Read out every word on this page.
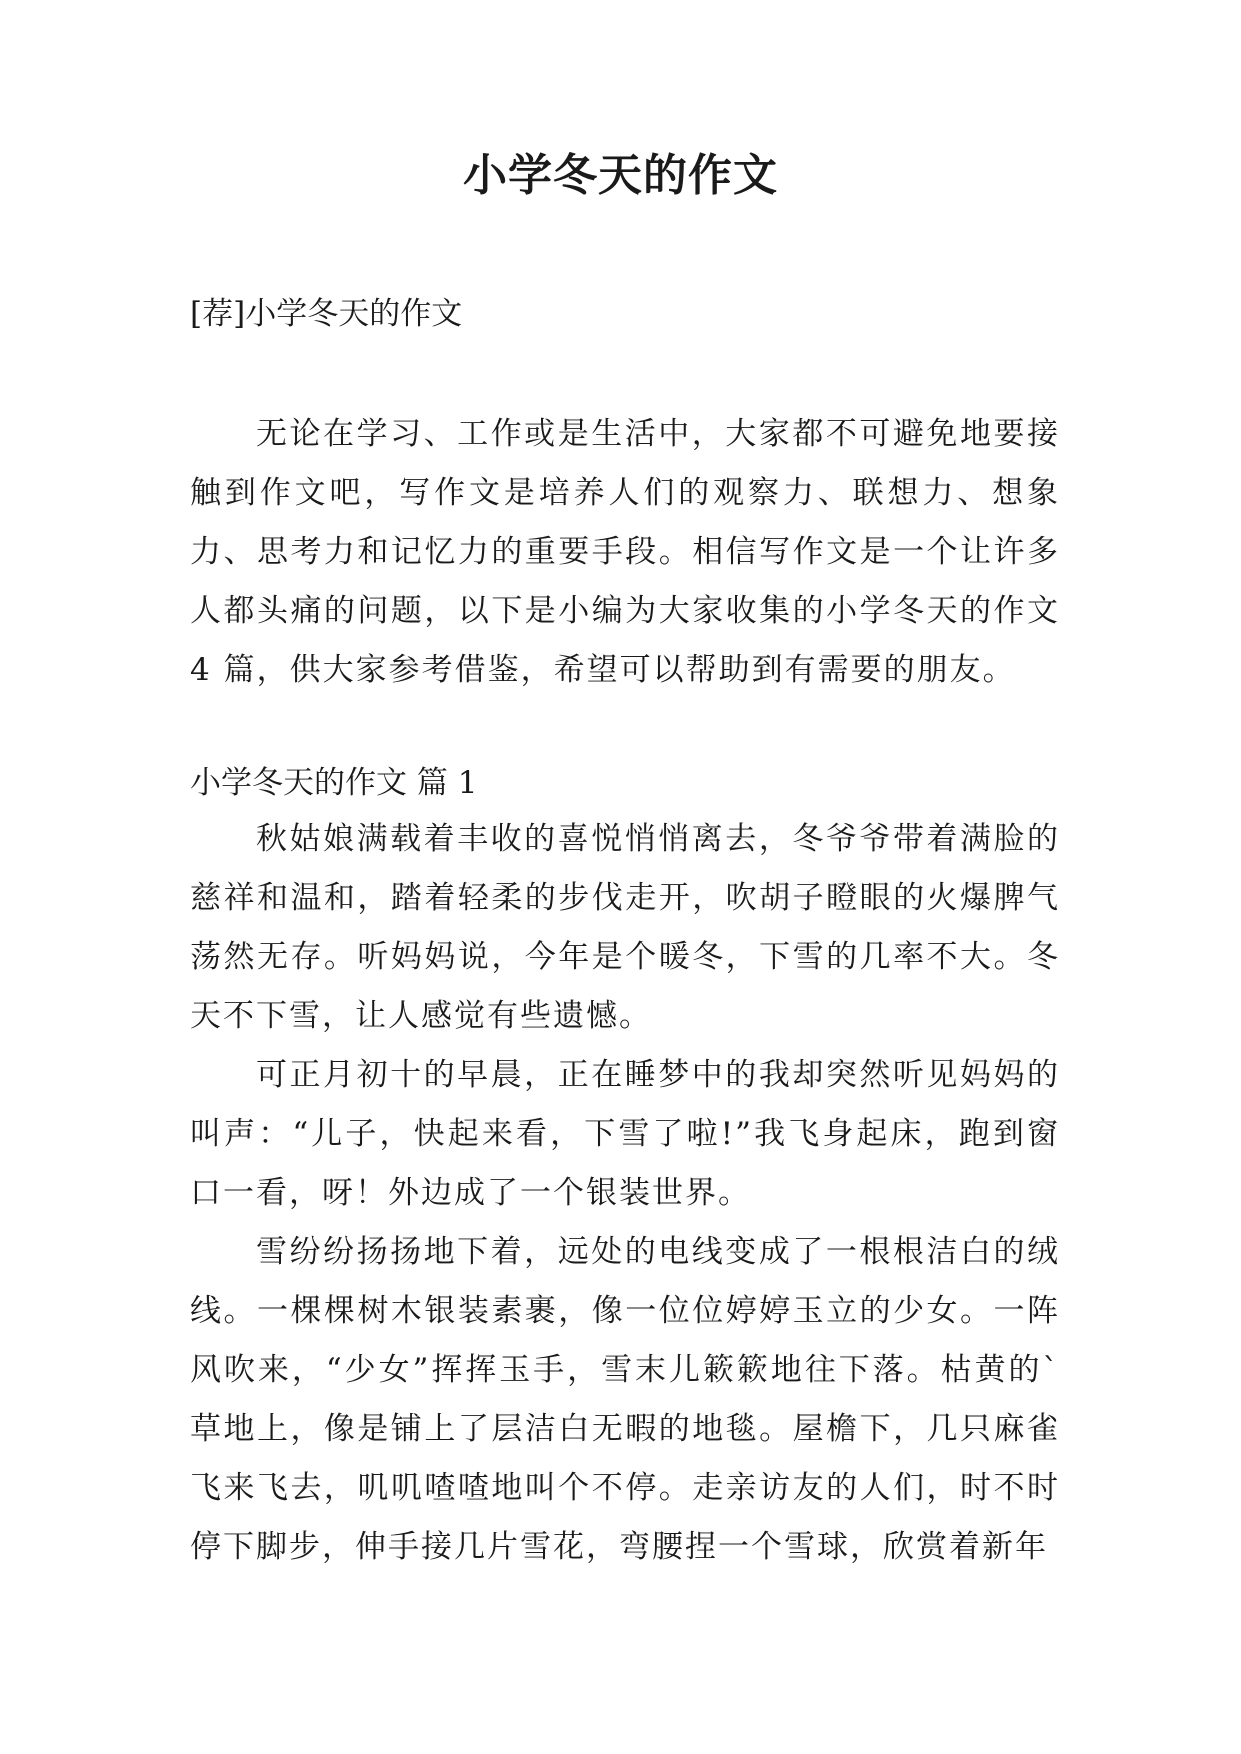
小学冬天的作文
[荐]小学冬天的作文

无论在学习、工作或是生活中，大家都不可避免地要接触到作文吧，写作文是培养人们的观察力、联想力、想象力、思考力和记忆力的重要手段。相信写作文是一个让许多人都头痛的问题，以下是小编为大家收集的小学冬天的作文 4 篇，供大家参考借鉴，希望可以帮助到有需要的朋友。

小学冬天的作文 篇 1

秋姑娘满载着丰收的喜悦悄悄离去，冬爷爷带着满脸的慈祥和温和，踏着轻柔的步伐走开，吹胡子瞪眼的火爆脾气荡然无存。听妈妈说，今年是个暖冬，下雪的几率不大。冬天不下雪，让人感觉有些遗憾。

可正月初十的早晨，正在睡梦中的我却突然听见妈妈的叫声：“儿子，快起来看，下雪了啦!”我飞身起床，跑到窗口一看，呀！外边成了一个银装世界。

雪纷纷扬扬地下着，远处的电线变成了一根根洁白的绒线。一棵棵树木银装素裹，像一位位婷婷玉立的少女。一阵风吹来，“少女”挥挥玉手，雪末儿簌簌地往下落。枯黄的`草地上，像是铺上了层洁白无暇的地毯。屋檐下，几只麻雀飞来飞去，叽叽喳喳地叫个不停。走亲访友的人们，时不时停下脚步，伸手接几片雪花，弯腰捏一个雪球，欣赏着新年
